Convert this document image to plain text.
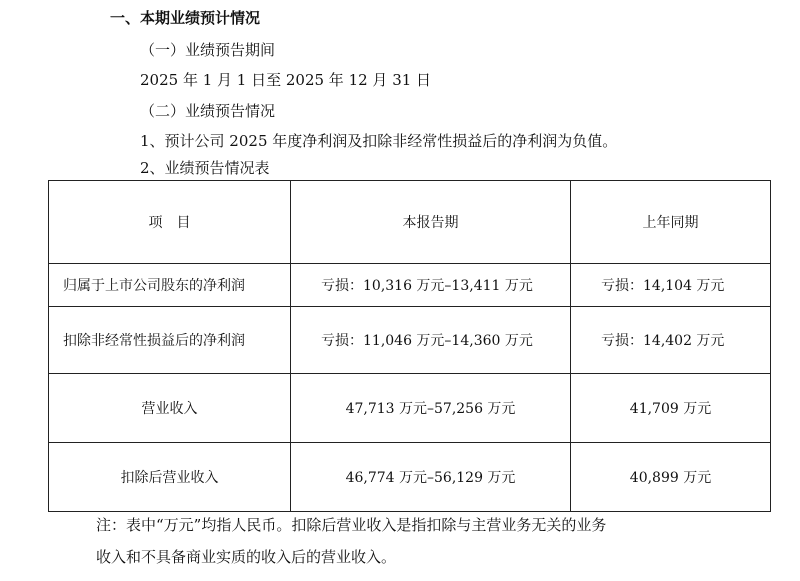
一、本期业绩预计情况
（一）业绩预告期间
2025 年 1 月 1 日至 2025 年 12 月 31 日
（二）业绩预告情况
1、预计公司 2025 年度净利润及扣除非经常性损益后的净利润为负值。
2、业绩预告情况表
项　目	本报告期	上年同期
归属于上市公司股东的净利润	亏损：10,316 万元–13,411 万元	亏损：14,104 万元
扣除非经常性损益后的净利润	亏损：11,046 万元–14,360 万元	亏损：14,402 万元
营业收入	47,713 万元–57,256 万元	41,709 万元
扣除后营业收入	46,774 万元–56,129 万元	40,899 万元
注：表中“万元”均指人民币。扣除后营业收入是指扣除与主营业务无关的业务
收入和不具备商业实质的收入后的营业收入。
